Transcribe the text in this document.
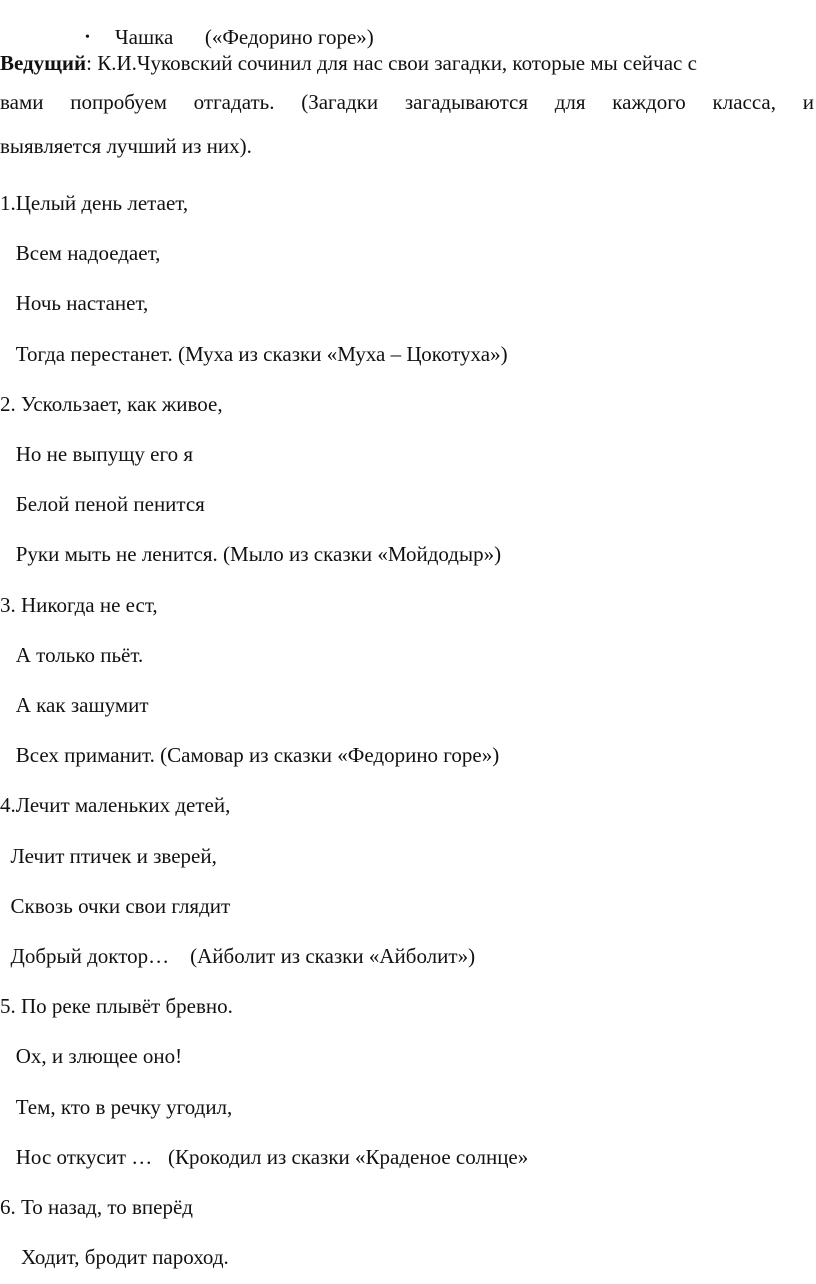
• Чашка      («Федорино горе»)

Ведущий: К.И.Чуковский сочинил для нас свои загадки, которые мы сейчас с
вами попробуем отгадать. (Загадки загадываются для каждого класса, и
выявляется лучший из них).
1.Целый день летает,
Всем надоедает,
Ночь настанет,
Тогда перестанет. (Муха из сказки «Муха – Цокотуха»)
2. Ускользает, как живое,
Но не выпущу его я
Белой пеной пенится
Руки мыть не ленится. (Мыло из сказки «Мойдодыр»)
3. Никогда не ест,
А только пьёт.
А как зашумит
Всех приманит. (Самовар из сказки «Федорино горе»)
4.Лечит маленьких детей,
Лечит птичек и зверей,
Сквозь очки свои глядит
Добрый доктор…    (Айболит из сказки «Айболит»)
5. По реке плывёт бревно.
Ох, и злющее оно!
Тем, кто в речку угодил,
Нос откусит …   (Крокодил из сказки «Краденое солнце»
6. То назад, то вперёд
Ходит, бродит пароход.
